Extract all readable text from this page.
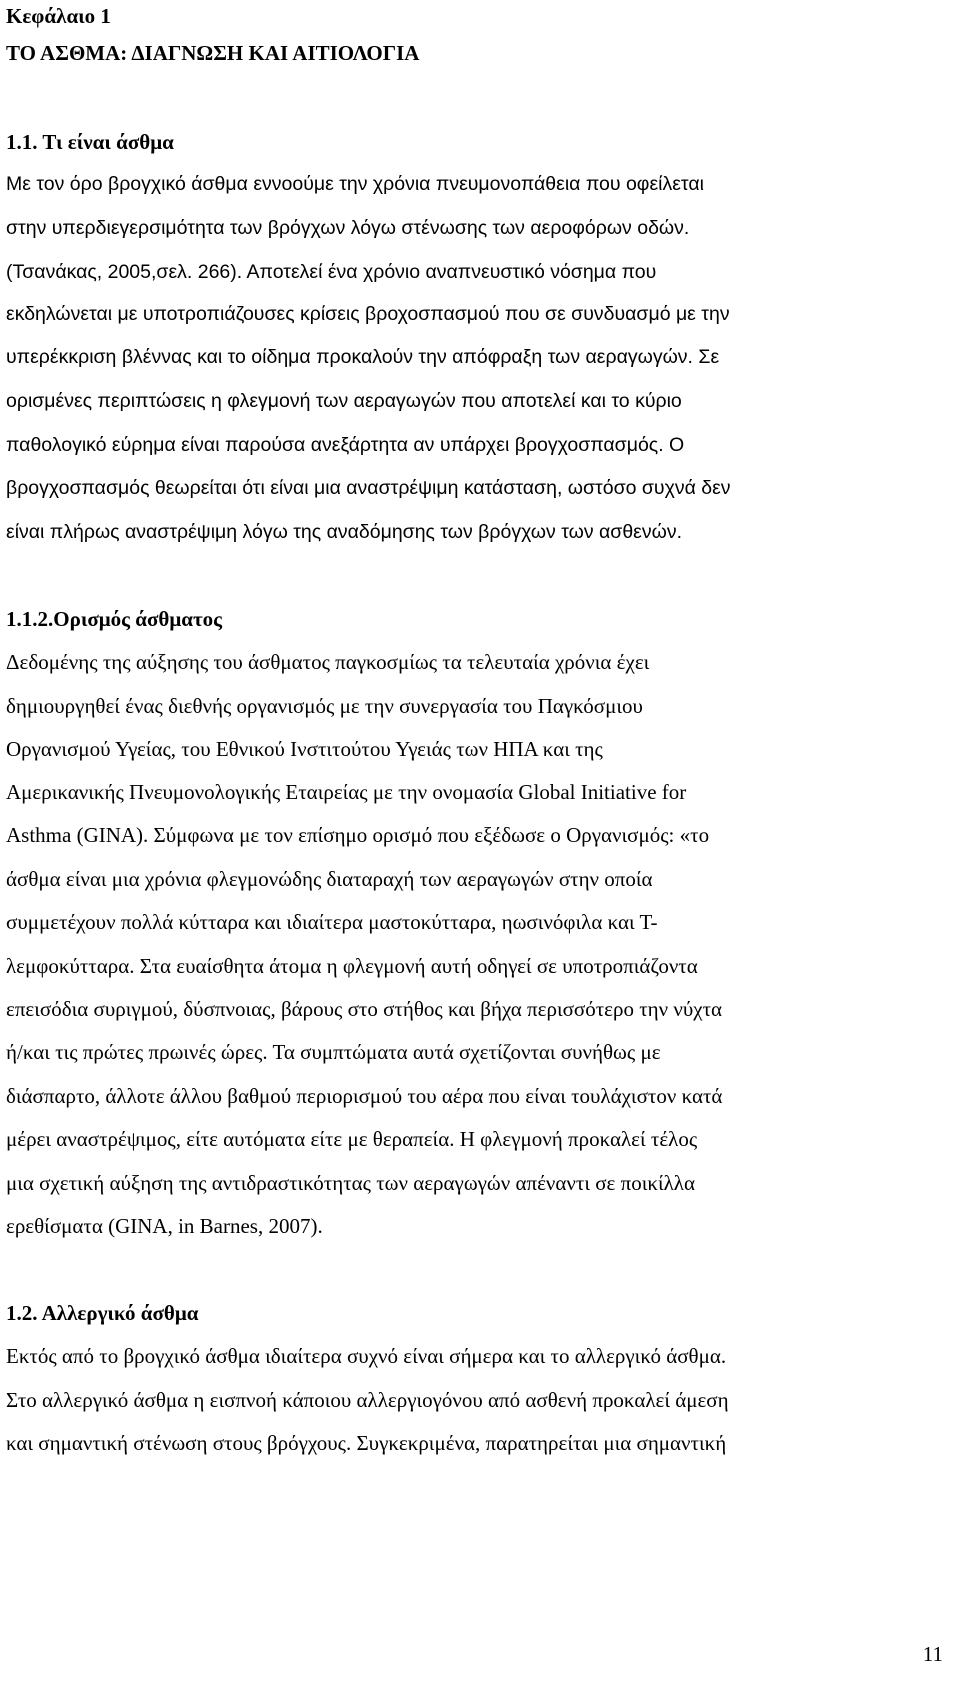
Κεφάλαιο 1
ΤΟ ΑΣΘΜΑ: ΔΙΑΓΝΩΣΗ ΚΑΙ ΑΙΤΙΟΛΟΓΙΑ
1.1. Τι είναι άσθμα
Με τον όρο βρογχικό άσθμα εννοούμε την χρόνια πνευμονοπάθεια που οφείλεται
στην υπερδιεγερσιμότητα των βρόγχων λόγω στένωσης των αεροφόρων οδών.
(Τσανάκας, 2005,σελ. 266). Αποτελεί ένα χρόνιο αναπνευστικό νόσημα που
εκδηλώνεται με υποτροπιάζουσες κρίσεις βροχοσπασμού που σε συνδυασμό με την
υπερέκκριση βλέννας και το οίδημα προκαλούν την απόφραξη των αεραγωγών. Σε
ορισμένες περιπτώσεις η φλεγμονή των αεραγωγών που αποτελεί και το κύριο
παθολογικό εύρημα είναι παρούσα ανεξάρτητα αν υπάρχει βρογχοσπασμός. Ο
βρογχοσπασμός θεωρείται ότι είναι μια αναστρέψιμη κατάσταση, ωστόσο συχνά δεν
είναι πλήρως αναστρέψιμη λόγω της αναδόμησης των βρόγχων των ασθενών.
1.1.2.Ορισμός άσθματος
Δεδομένης της αύξησης του άσθματος παγκοσμίως τα τελευταία χρόνια έχει
δημιουργηθεί ένας διεθνής οργανισμός με την συνεργασία του Παγκόσμιου
Οργανισμού Υγείας, του Εθνικού Ινστιτούτου Υγειάς των ΗΠΑ και της
Αμερικανικής Πνευμονολογικής Εταιρείας με την ονομασία Global Initiative for
Asthma (GINA). Σύμφωνα με τον επίσημο ορισμό που εξέδωσε ο Οργανισμός: «το
άσθμα είναι μια χρόνια φλεγμονώδης διαταραχή των αεραγωγών στην οποία
συμμετέχουν πολλά κύτταρα και ιδιαίτερα μαστοκύτταρα, ηωσινόφιλα και Τ-
λεμφοκύτταρα. Στα ευαίσθητα άτομα η φλεγμονή αυτή οδηγεί σε υποτροπιάζοντα
επεισόδια συριγμού, δύσπνοιας, βάρους στο στήθος και βήχα περισσότερο την νύχτα
ή/και τις πρώτες πρωινές ώρες. Τα συμπτώματα αυτά σχετίζονται συνήθως με
διάσπαρτο, άλλοτε άλλου βαθμού περιορισμού του αέρα που είναι τουλάχιστον κατά
μέρει αναστρέψιμος, είτε αυτόματα είτε με θεραπεία. Η φλεγμονή προκαλεί τέλος
μια σχετική αύξηση της αντιδραστικότητας των αεραγωγών απέναντι σε ποικίλλα
ερεθίσματα (GINA, in Barnes, 2007).
1.2. Αλλεργικό άσθμα
Εκτός από το βρογχικό άσθμα ιδιαίτερα συχνό είναι σήμερα και το αλλεργικό άσθμα.
Στο αλλεργικό άσθμα η εισπνοή κάποιου αλλεργιογόνου από ασθενή προκαλεί άμεση
και σημαντική στένωση στους βρόγχους. Συγκεκριμένα, παρατηρείται μια σημαντική
11
